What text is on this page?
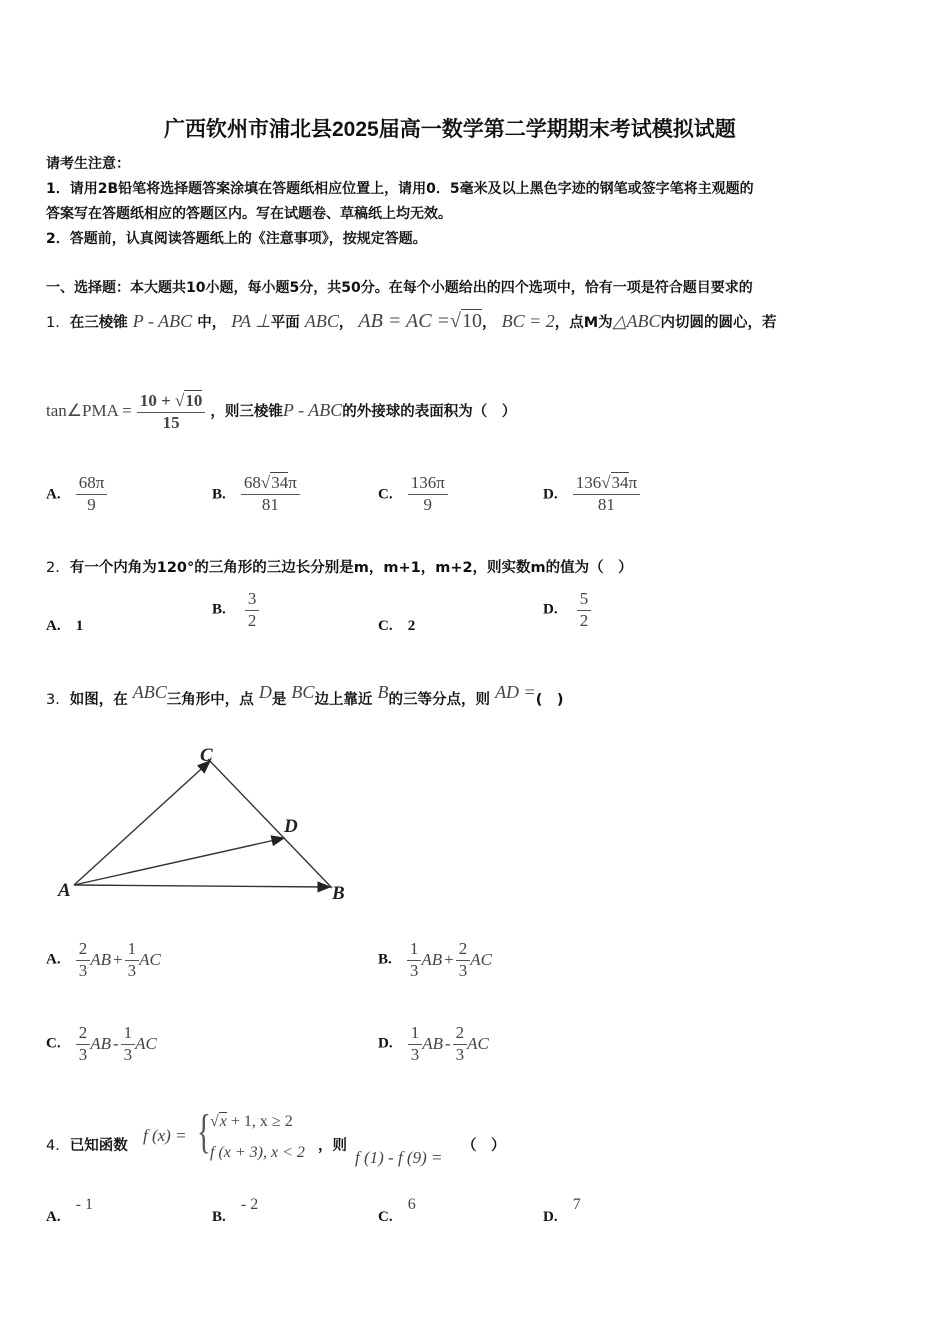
广西钦州市浦北县2025届高一数学第二学期期末考试模拟试题
请考生注意：
1．请用2B铅笔将选择题答案涂填在答题纸相应位置上，请用0．5毫米及以上黑色字迹的钢笔或签字笔将主观题的
答案写在答题纸相应的答题区内。写在试题卷、草稿纸上均无效。
2．答题前，认真阅读答题纸上的《注意事项》，按规定答题。
一、选择题：本大题共10小题，每小题5分，共50分。在每个小题给出的四个选项中，恰有一项是符合题目要求的
1．在三棱锥 P - ABC 中， PA ⊥平面 ABC， AB = AC =√10， BC = 2，点M为△ABC内切圆的圆心，若
tan∠PMA = $\frac{10 + √10}{15}$ ，则三棱锥P - ABC的外接球的表面积为（　）
A. $\frac{68\pi}{9}$	B. $\frac{68√34\pi}{81}$	C. $\frac{136\pi}{9}$	D. $\frac{136√34\pi}{81}$
2．有一个内角为120°的三角形的三边长分别是m，m+1，m+2，则实数m的值为（　）
A. 1
B. $\frac{3}{2}$	C. 2
D. $\frac{5}{2}$
3．如图，在 ABC三角形中，点 D是 BC边上靠近 B的三等分点，则 AD =(　)
A	B
C
D
A. $\frac{2}{3}$ AB + $\frac{1}{3}$ AC	B. $\frac{1}{3}$ AB + $\frac{2}{3}$ AC
C. $\frac{2}{3}$ AB - $\frac{1}{3}$ AC	D. $\frac{1}{3}$ AB - $\frac{2}{3}$ AC
4．已知函数
f (x) = { √x + 1, x ≥ 2
f (x + 3), x < 2 ，则
f (1) - f (9) =
（　）
A. - 1
B. - 2
C. 6
D. 7
